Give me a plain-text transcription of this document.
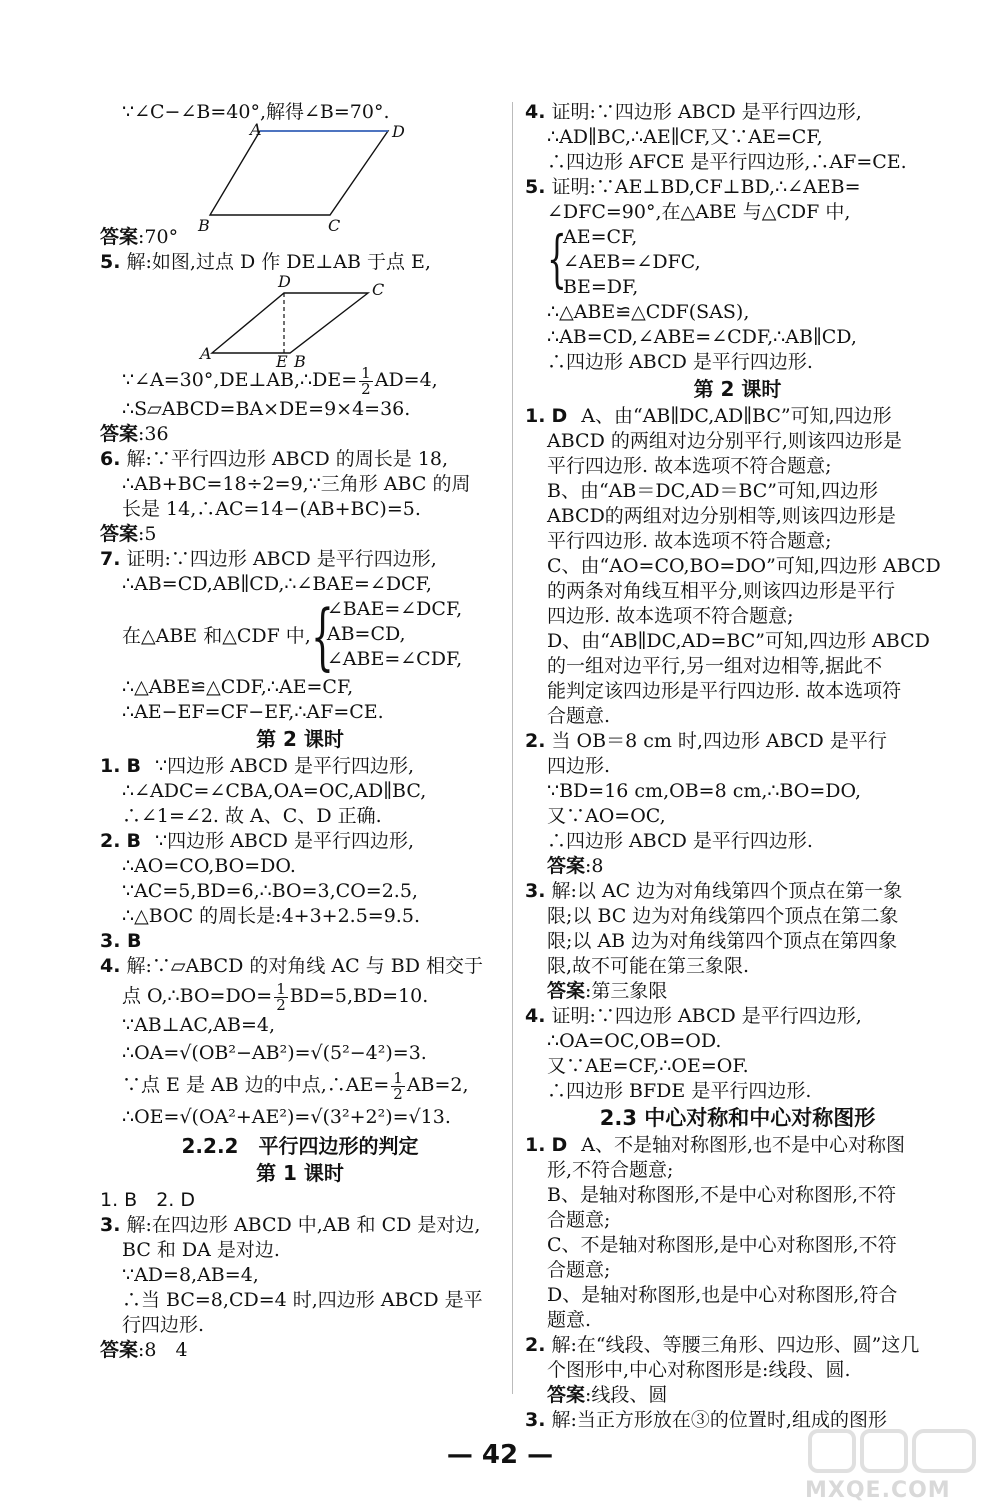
∵∠C−∠B=40°,解得∠B=70°.
A	D
B	C
答案:70°
5. 解:如图,过点 D 作 DE⊥AB 于点 E,
D	C
A	E B
∵∠A=30°,DE⊥AB,∴DE= $\frac{1}{2} AD=4$,
∴S▱ABCD=BA×DE=9×4=36.
答案:36
6. 解:∵平行四边形 ABCD 的周长是 18,
∴AB+BC=18÷2=9,∵三角形 ABC 的周
长是 14,∴AC=14−(AB+BC)=5.
答案:5
7. 证明:∵四边形 ABCD 是平行四边形,
∴AB=CD,AB∥CD,∴∠BAE=∠DCF,
在△ABE 和△CDF 中, {
∠BAE=∠DCF,
AB=CD,
∠ABE=∠CDF,
∴△ABE≌△CDF,∴AE=CF,
∴AE−EF=CF−EF,∴AF=CE.
第 2 课时
1. B ∵四边形 ABCD 是平行四边形,
∴∠ADC=∠CBA,OA=OC,AD∥BC,
∴∠1=∠2. 故 A、C、D 正确.
2. B ∵四边形 ABCD 是平行四边形,
∴AO=CO,BO=DO.
∵AC=5,BD=6,∴BO=3,CO=2.5,
∴△BOC 的周长是:4+3+2.5=9.5.
3. B
4. 解:∵▱ABCD 的对角线 AC 与 BD 相交于
点 O,∴BO=DO= $\frac{1}{2} BD=5,BD=10$.
∵AB⊥AC,AB=4,
∴OA=√(OB²−AB²)=√(5²−4²)=3.
∵点 E 是 AB 边的中点,∴AE= $\frac{1}{2} AB=2$,
∴OE=√(OA²+AE²)=√(3²+2²)=√13.
2.2.2　平行四边形的判定
第 1 课时
1. B　2. D
3. 解:在四边形 ABCD 中,AB 和 CD 是对边,
BC 和 DA 是对边.
∵AD=8,AB=4,
∴当 BC=8,CD=4 时,四边形 ABCD 是平
行四边形.
答案:8　4
4. 证明:∵四边形 ABCD 是平行四边形,
∴AD∥BC,∴AE∥CF,又∵AE=CF,
∴四边形 AFCE 是平行四边形,∴AF=CE.
5. 证明:∵AE⊥BD,CF⊥BD,∴∠AEB=
∠DFC=90°,在△ABE 与△CDF 中,
{
AE=CF,
∠AEB=∠DFC,
BE=DF,
∴△ABE≌△CDF(SAS),
∴AB=CD,∠ABE=∠CDF,∴AB∥CD,
∴四边形 ABCD 是平行四边形.
第 2 课时
1. D A、由“AB∥DC,AD∥BC”可知,四边形
ABCD 的两组对边分别平行,则该四边形是
平行四边形. 故本选项不符合题意;
B、由“AB＝DC,AD＝BC”可知,四边形
ABCD的两组对边分别相等,则该四边形是
平行四边形. 故本选项不符合题意;
C、由“AO=CO,BO=DO”可知,四边形 ABCD
的两条对角线互相平分,则该四边形是平行
四边形. 故本选项不符合题意;
D、由“AB∥DC,AD=BC”可知,四边形 ABCD
的一组对边平行,另一组对边相等,据此不
能判定该四边形是平行四边形. 故本选项符
合题意.
2. 当 OB＝8 cm 时,四边形 ABCD 是平行
四边形.
∵BD=16 cm,OB=8 cm,∴BO=DO,
又∵AO=OC,
∴四边形 ABCD 是平行四边形.
答案:8
3. 解:以 AC 边为对角线第四个顶点在第一象
限;以 BC 边为对角线第四个顶点在第二象
限;以 AB 边为对角线第四个顶点在第四象
限,故不可能在第三象限.
答案:第三象限
4. 证明:∵四边形 ABCD 是平行四边形,
∴OA=OC,OB=OD.
又∵AE=CF,∴OE=OF.
∴四边形 BFDE 是平行四边形.
2.3 中心对称和中心对称图形
1. D A、不是轴对称图形,也不是中心对称图
形,不符合题意;
B、是轴对称图形,不是中心对称图形,不符
合题意;
C、不是轴对称图形,是中心对称图形,不符
合题意;
D、是轴对称图形,也是中心对称图形,符合
题意.
2. 解:在“线段、等腰三角形、四边形、圆”这几
个图形中,中心对称图形是:线段、圆.
答案:线段、圆
3. 解:当正方形放在③的位置时,组成的图形
— 42 —
MXQE.COM
